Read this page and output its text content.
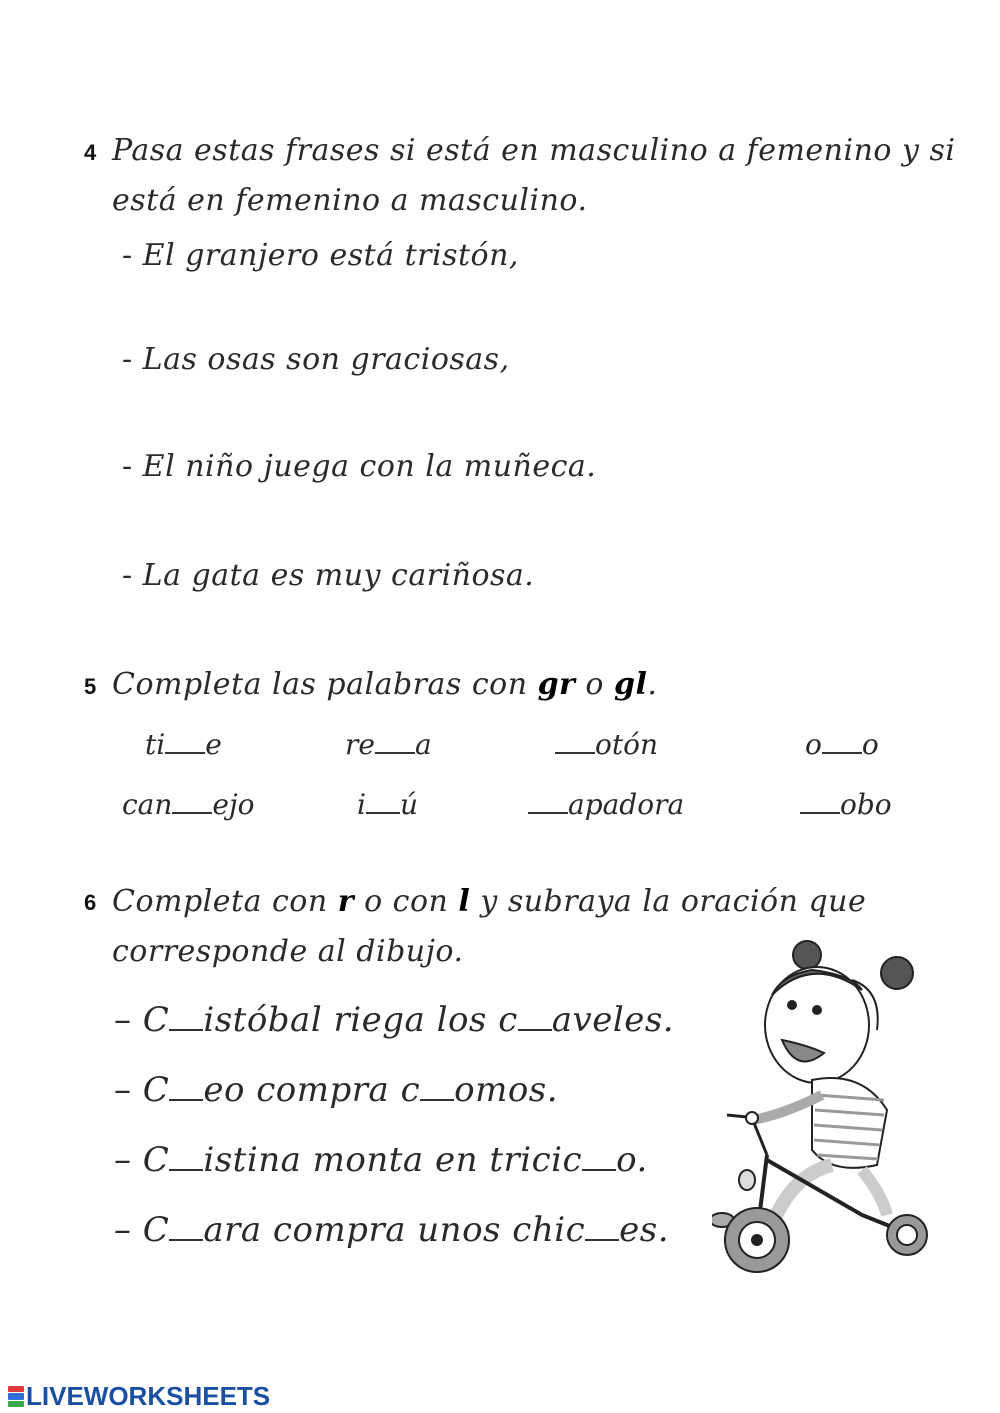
4 Pasa estas frases si está en masculino a femenino y si
está en femenino a masculino.
- El granjero está tristón,
- Las osas son graciosas,
- El niño juega con la muñeca.
- La gata es muy cariñosa.
5 Completa las palabras con gr o gl.
ti e	re a	otón	o o
can ejo	i ú	apadora	obo
6 Completa con r o con l y subraya la oración que
corresponde al dibujo.
– C istóbal riega los c aveles.
– C eo compra c omos.
– C istina monta en tricic o.
– C ara compra unos chic es.
LIVEWORKSHEETS
